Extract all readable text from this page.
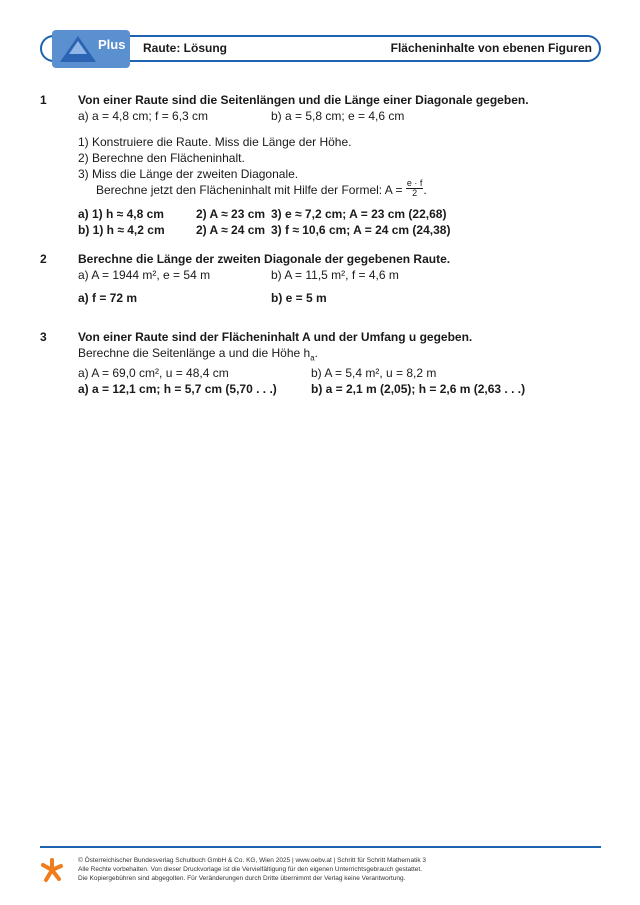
Plus Raute: Lösung	Flächeninhalte von ebenen Figuren
1	Von einer Raute sind die Seitenlängen und die Länge einer Diagonale gegeben.
a) a = 4,8 cm; f = 6,3 cm	b) a = 5,8 cm; e = 4,6 cm
1) Konstruiere die Raute. Miss die Länge der Höhe.
2) Berechne den Flächeninhalt.
3) Miss die Länge der zweiten Diagonale.
Berechne jetzt den Flächeninhalt mit Hilfe der Formel: $A = \frac{e \cdot f}{2}$ .
a) 1) h ≈ 4,8 cm	2) A ≈ 23 cm 3) e ≈ 7,2 cm; A = 23 cm (22,68)
b) 1) h ≈ 4,2 cm	2) A ≈ 24 cm 3) f ≈ 10,6 cm; A = 24 cm (24,38)
2	Berechne die Länge der zweiten Diagonale der gegebenen Raute.
a) A = 1944 m², e = 54 m	b) A = 11,5 m², f = 4,6 m
a) f = 72 m	b) e = 5 m
3	Von einer Raute sind der Flächeninhalt A und der Umfang u gegeben.
Berechne die Seitenlänge a und die Höhe $h_a$.
a) A = 69,0 cm², u = 48,4 cm	b) A = 5,4 m², u = 8,2 m
a) a = 12,1 cm; h = 5,7 cm (5,70 . . .)	b) a = 2,1 m (2,05); h = 2,6 m (2,63 . . .)
© Österreichischer Bundesverlag Schulbuch GmbH & Co. KG, Wien 2025 | www.oebv.at | Schritt für Schritt Mathematik 3
Alle Rechte vorbehalten. Von dieser Druckvorlage ist die Vervielfältigung für den eigenen Unterrichtsgebrauch gestattet.
Die Kopiergebühren sind abgegolten. Für Veränderungen durch Dritte übernimmt der Verlag keine Verantwortung.
